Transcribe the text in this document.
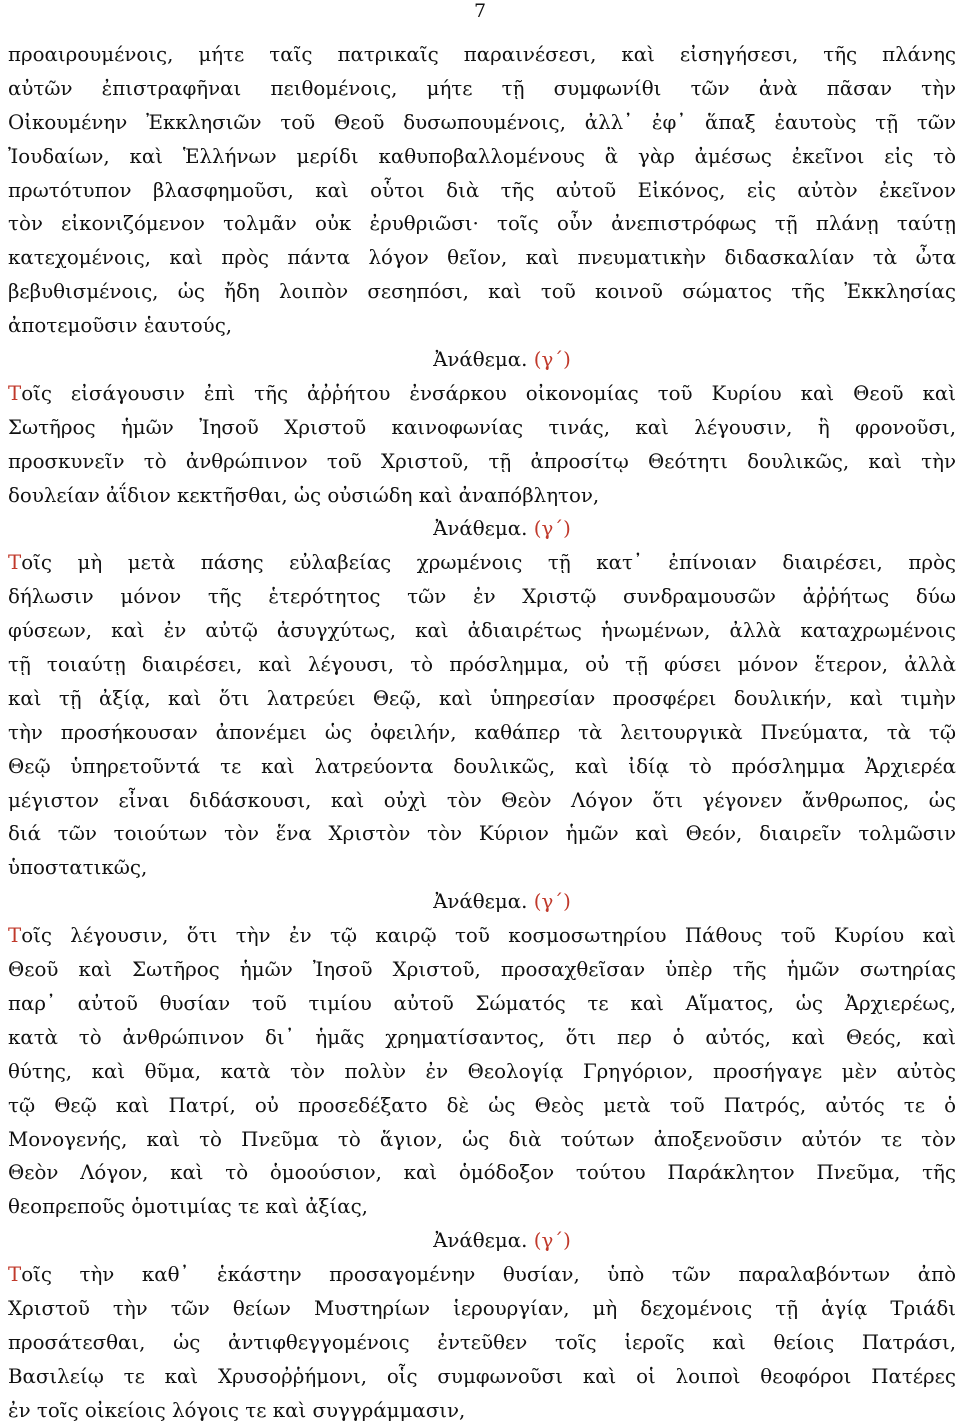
7
προαιρουμένοις, μήτε ταῖς πατρικαῖς παραινέσεσι, καὶ εἰσηγήσεσι, τῆς πλάνης
αὐτῶν ἐπιστραφῆναι πειθομένοις, μήτε τῇ συμφωνίθι τῶν ἀνὰ πᾶσαν τὴν
Οἰκουμένην Ἐκκλησιῶν τοῦ Θεοῦ δυσωπουμένοις, ἀλλ᾽ ἐφ᾽ ἅπαξ ἑαυτοὺς τῇ τῶν
Ἰουδαίων, καὶ Ἑλλήνων μερίδι καθυποβαλλομένους ἃ γὰρ ἀμέσως ἐκεῖνοι εἰς τὸ
πρωτότυπον βλασφημοῦσι, καὶ οὗτοι διὰ τῆς αὐτοῦ Εἰκόνος, εἰς αὐτὸν ἐκεῖνον
τὸν εἰκονιζόμενον τολμᾶν οὐκ ἐρυθριῶσι· τοῖς οὖν ἀνεπιστρόφως τῇ πλάνῃ ταύτῃ
κατεχομένοις, καὶ πρὸς πάντα λόγον θεῖον, καὶ πνευματικὴν διδασκαλίαν τὰ ὦτα
βεβυθισμένοις, ὡς ἤδη λοιπὸν σεσηπόσι, καὶ τοῦ κοινοῦ σώματος τῆς Ἐκκλησίας
ἀποτεμοῦσιν ἑαυτούς,
Ἀνάθεμα. (γ´)
Τοῖς εἰσάγουσιν ἐπὶ τῆς ἀῤῥήτου ἐνσάρκου οἰκονομίας τοῦ Κυρίου καὶ Θεοῦ καὶ
Σωτῆρος ἡμῶν Ἰησοῦ Χριστοῦ καινοφωνίας τινάς, καὶ λέγουσιν, ἣ φρονοῦσι,
προσκυνεῖν τὸ ἀνθρώπινον τοῦ Χριστοῦ, τῇ ἀπροσίτῳ Θεότητι δουλικῶς, καὶ τὴν
δουλείαν ἀΐδιον κεκτῆσθαι, ὡς οὐσιώδη καὶ ἀναπόβλητον,
Ἀνάθεμα. (γ´)
Τοῖς μὴ μετὰ πάσης εὐλαβείας χρωμένοις τῇ κατ᾽ ἐπίνοιαν διαιρέσει, πρὸς
δήλωσιν μόνον τῆς ἑτερότητος τῶν ἐν Χριστῷ συνδραμουσῶν ἀῤῥήτως δύω
φύσεων, καὶ ἐν αὐτῷ ἀσυγχύτως, καὶ ἀδιαιρέτως ἡνωμένων, ἀλλὰ καταχρωμένοις
τῇ τοιαύτῃ διαιρέσει, καὶ λέγουσι, τὸ πρόσλημμα, οὐ τῇ φύσει μόνον ἕτερον, ἀλλὰ
καὶ τῇ ἀξίᾳ, καὶ ὅτι λατρεύει Θεῷ, καὶ ὑπηρεσίαν προσφέρει δουλικήν, καὶ τιμὴν
τὴν προσήκουσαν ἀπονέμει ὡς ὀφειλήν, καθάπερ τὰ λειτουργικὰ Πνεύματα, τὰ τῷ
Θεῷ ὑπηρετοῦντά τε καὶ λατρεύοντα δουλικῶς, καὶ ἰδίᾳ τὸ πρόσλημμα Ἀρχιερέα
μέγιστον εἶναι διδάσκουσι, καὶ οὐχὶ τὸν Θεὸν Λόγον ὅτι γέγονεν ἄνθρωπος, ὡς
διά τῶν τοιούτων τὸν ἕνα Χριστὸν τὸν Κύριον ἡμῶν καὶ Θεόν, διαιρεῖν τολμῶσιν
ὑποστατικῶς,
Ἀνάθεμα. (γ´)
Τοῖς λέγουσιν, ὅτι τὴν ἐν τῷ καιρῷ τοῦ κοσμοσωτηρίου Πάθους τοῦ Κυρίου καὶ
Θεοῦ καὶ Σωτῆρος ἡμῶν Ἰησοῦ Χριστοῦ, προσαχθεῖσαν ὑπὲρ τῆς ἡμῶν σωτηρίας
παρ᾽ αὐτοῦ θυσίαν τοῦ τιμίου αὐτοῦ Σώματός τε καὶ Αἵματος, ὡς Ἀρχιερέως,
κατὰ τὸ ἀνθρώπινον δι᾽ ἡμᾶς χρηματίσαντος, ὅτι περ ὁ αὐτός, καὶ Θεός, καὶ
θύτης, καὶ θῦμα, κατὰ τὸν πολὺν ἐν Θεολογίᾳ Γρηγόριον, προσήγαγε μὲν αὐτὸς
τῷ Θεῷ καὶ Πατρί, οὐ προσεδέξατο δὲ ὡς Θεὸς μετὰ τοῦ Πατρός, αὐτός τε ὁ
Μονογενής, καὶ τὸ Πνεῦμα τὸ ἅγιον, ὡς διὰ τούτων ἀποξενοῦσιν αὐτόν τε τὸν
Θεὸν Λόγον, καὶ τὸ ὁμοούσιον, καὶ ὁμόδοξον τούτου Παράκλητον Πνεῦμα, τῆς
θεοπρεποῦς ὁμοτιμίας τε καὶ ἀξίας,
Ἀνάθεμα. (γ´)
Τοῖς τὴν καθ᾽ ἑκάστην προσαγομένην θυσίαν, ὑπὸ τῶν παραλαβόντων ἀπὸ
Χριστοῦ τὴν τῶν θείων Μυστηρίων ἱερουργίαν, μὴ δεχομένοις τῇ ἁγίᾳ Τριάδι
προσάτεσθαι, ὡς ἀντιφθεγγομένοις ἐντεῦθεν τοῖς ἱεροῖς καὶ θείοις Πατράσι,
Βασιλείῳ τε καὶ Χρυσοῤῥήμονι, οἷς συμφωνοῦσι καὶ οἱ λοιποὶ θεοφόροι Πατέρες
ἐν τοῖς οἰκείοις λόγοις τε καὶ συγγράμμασιν,
